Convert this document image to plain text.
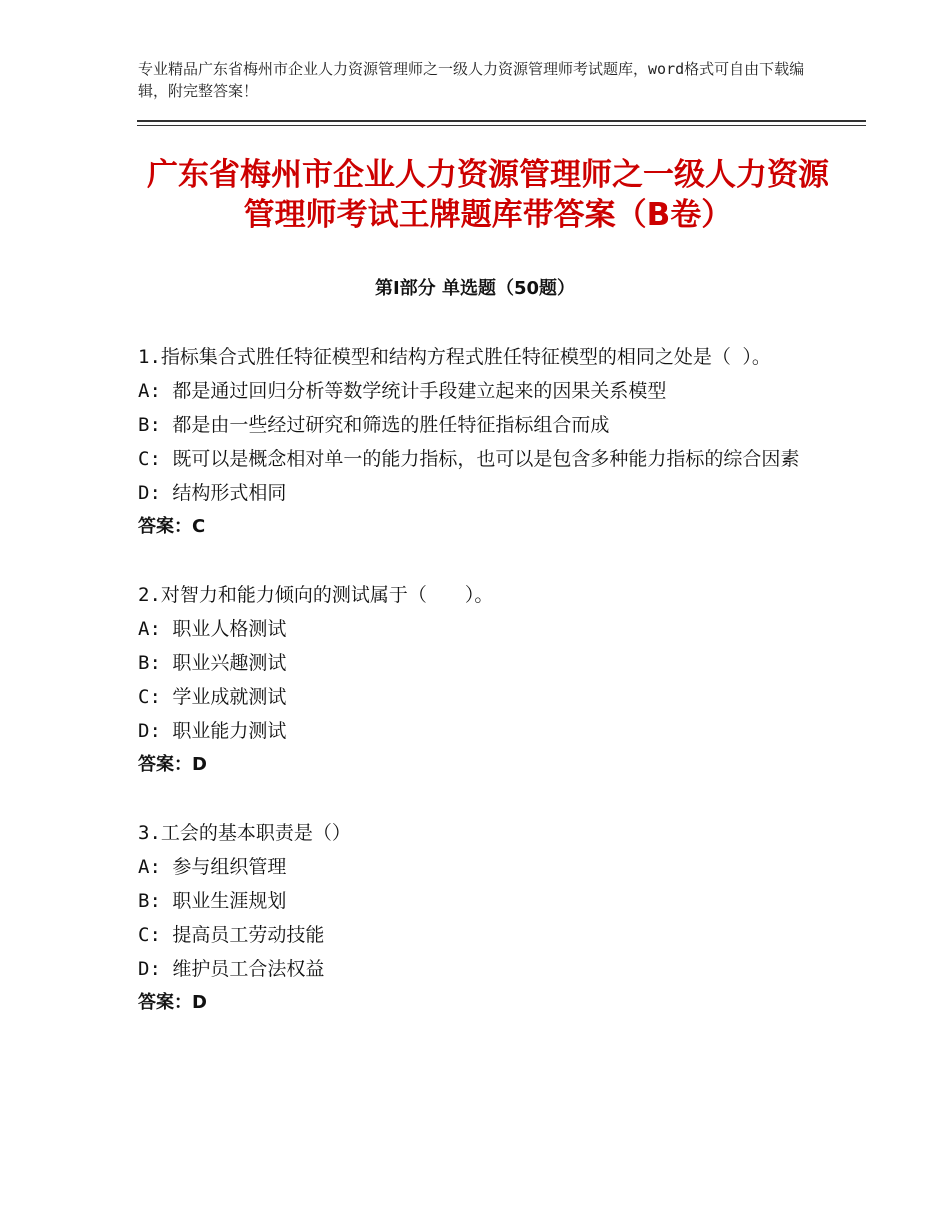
专业精品广东省梅州市企业人力资源管理师之一级人力资源管理师考试题库，word格式可自由下载编辑，附完整答案！
广东省梅州市企业人力资源管理师之一级人力资源管理师考试王牌题库带答案（B卷）
第Ⅰ部分 单选题（50题）
1.指标集合式胜任特征模型和结构方程式胜任特征模型的相同之处是（ ）。
A: 都是通过回归分析等数学统计手段建立起来的因果关系模型
B: 都是由一些经过研究和筛选的胜任特征指标组合而成
C: 既可以是概念相对单一的能力指标，也可以是包含多种能力指标的综合因素
D: 结构形式相同
答案：C
2.对智力和能力倾向的测试属于（　　）。
A: 职业人格测试
B: 职业兴趣测试
C: 学业成就测试
D: 职业能力测试
答案：D
3.工会的基本职责是（）
A: 参与组织管理
B: 职业生涯规划
C: 提高员工劳动技能
D: 维护员工合法权益
答案：D
